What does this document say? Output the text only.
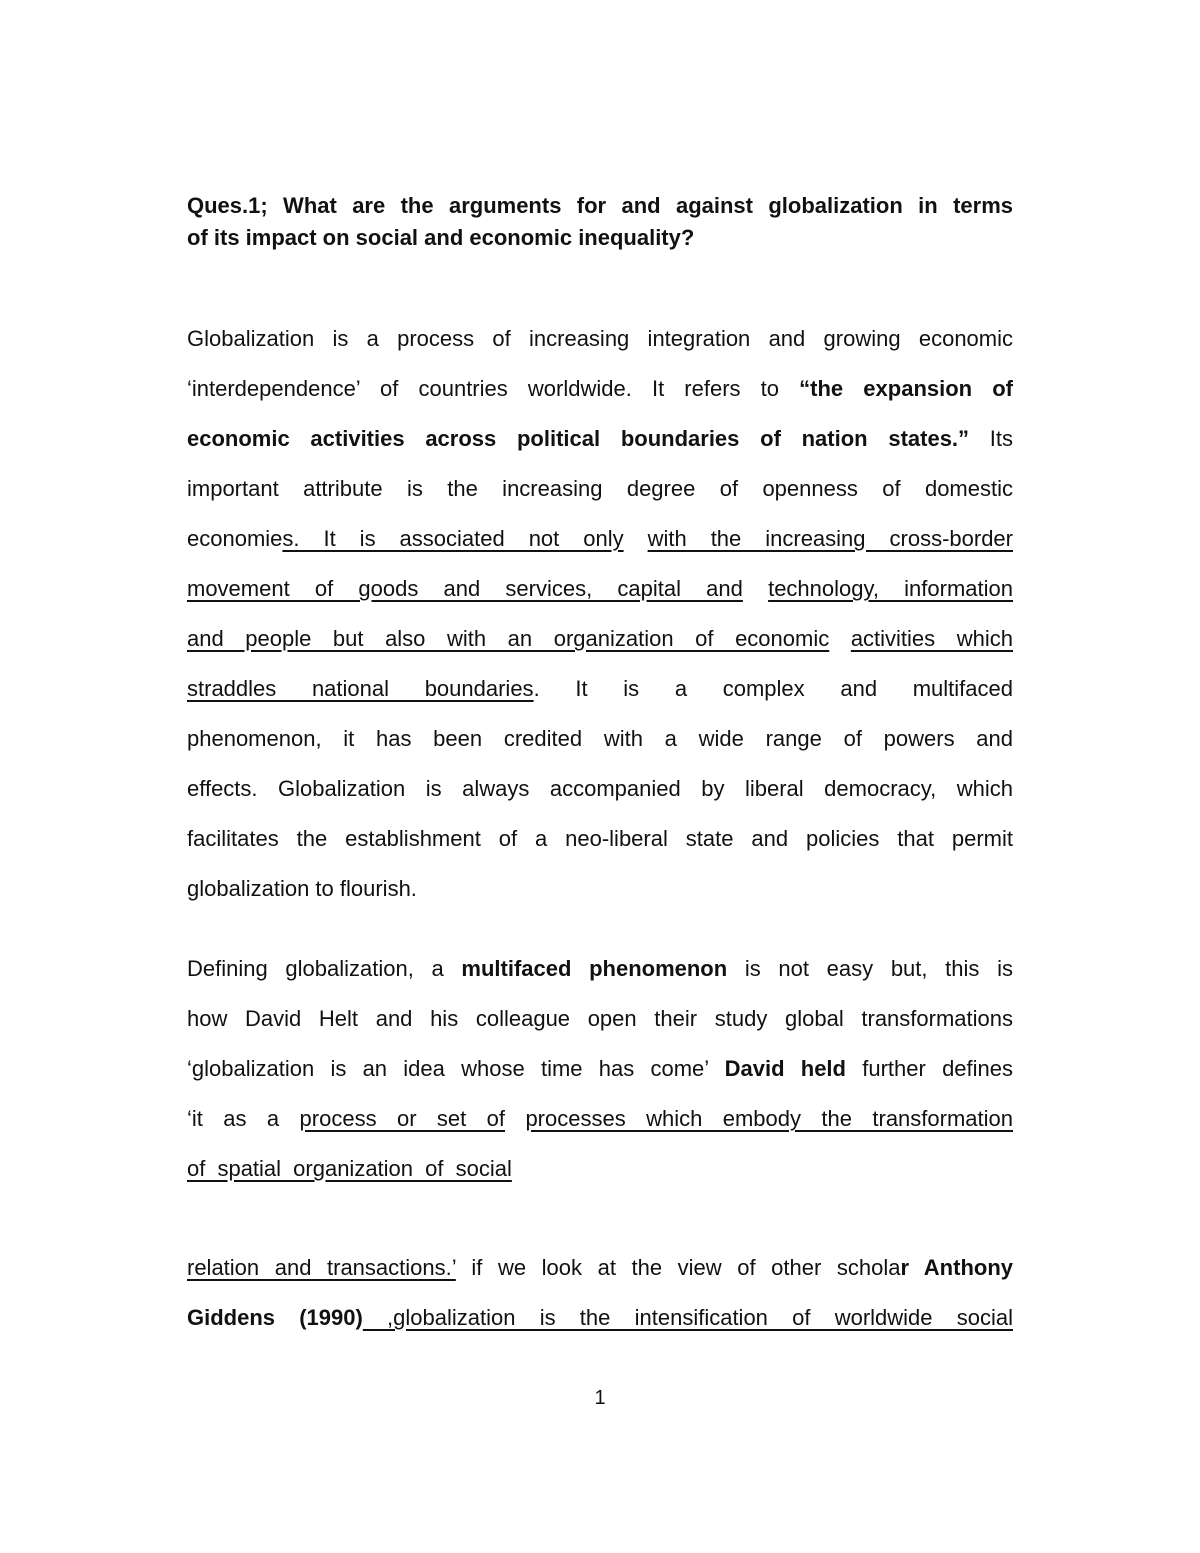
Ques.1; What are the arguments for and against globalization in terms
of its impact on social and economic inequality?
Globalization is a process of increasing integration and growing economic
‘interdependence’ of countries worldwide. It refers to “the expansion of
economic activities across political boundaries of nation states.” Its
important attribute is the increasing degree of openness of domestic
economies. It is associated not only with the increasing cross-border
movement of goods and services, capital and technology, information
and people but also with an organization of economic activities which
straddles national boundaries. It is a complex and multifaced
phenomenon, it has been credited with a wide range of powers and
effects. Globalization is always accompanied by liberal democracy, which
facilitates the establishment of a neo-liberal state and policies that permit
globalization to flourish.
Defining globalization, a multifaced phenomenon is not easy but, this is
how David Helt and his colleague open their study global transformations
‘globalization is an idea whose time has come’ David held further defines
‘it as a process or set of processes which embody the transformation
of spatial organization of social
relation and transactions.’ if we look at the view of other scholar Anthony
Giddens (1990) ,globalization is the intensification of worldwide social
1
